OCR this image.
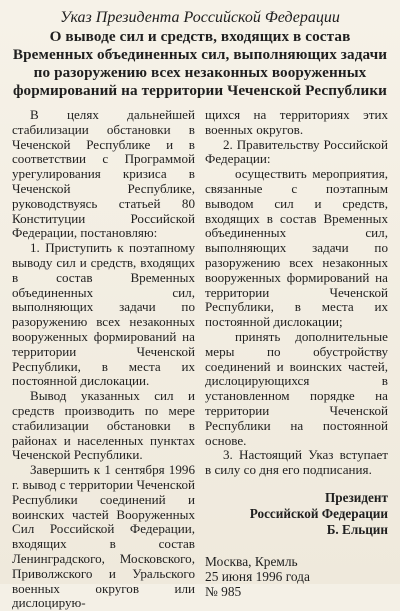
Указ Президента Российской Федерации
О выводе сил и средств, входящих в состав Временных объединенных сил, выполняющих задачи по разоружению всех незаконных вооруженных формирований на территории Чеченской Республики

В целях дальнейшей стабилизации обстановки в Чеченской Республике и в соответствии с Программой урегулирования кризиса в Чеченской Республике, руководствуясь статьей 80 Конституции Российской Федерации, постановляю:

1. Приступить к поэтапному выводу сил и средств, входящих в состав Временных объединенных сил, выполняющих задачи по разоружению всех незаконных вооруженных формирований на территории Чеченской Республики, в места их постоянной дислокации.

Вывод указанных сил и средств производить по мере стабилизации обстановки в районах и населенных пунктах Чеченской Республики.

Завершить к 1 сентября 1996 г. вывод с территории Чеченской Республики соединений и воинских частей Вооруженных Сил Российской Федерации, входящих в состав Ленинградского, Московского, Приволжского и Уральского военных округов или дислоцирую-

щихся на территориях этих военных округов.

2. Правительству Российской Федерации:

осуществить мероприятия, связанные с поэтапным выводом сил и средств, входящих в состав Временных объединенных сил, выполняющих задачи по разоружению всех незаконных вооруженных формирований на территории Чеченской Республики, в места их постоянной дислокации;

принять дополнительные меры по обустройству соединений и воинских частей, дислоцирующихся в установленном порядке на территории Чеченской Республики на постоянной основе.

3. Настоящий Указ вступает в силу со дня его подписания.

Президент
Российской Федерации
Б. Ельцин
Москва, Кремль
25 июня 1996 года
№ 985
